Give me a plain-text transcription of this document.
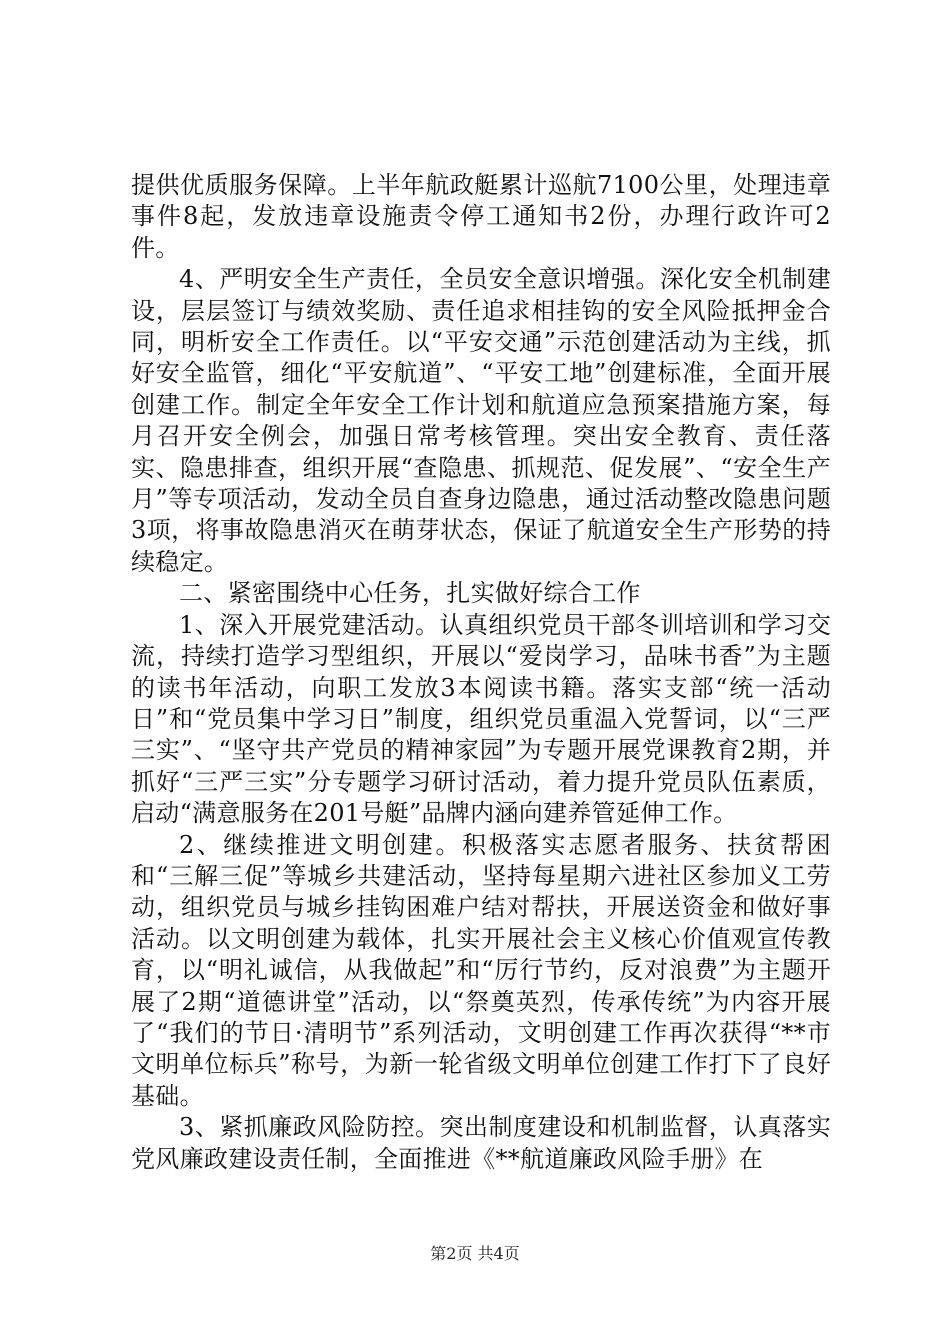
提供优质服务保障。上半年航政艇累计巡航7100公里，处理违章事件8起，发放违章设施责令停工通知书2份，办理行政许可2件。

4、严明安全生产责任，全员安全意识增强。深化安全机制建设，层层签订与绩效奖励、责任追求相挂钩的安全风险抵押金合同，明析安全工作责任。以“平安交通”示范创建活动为主线，抓好安全监管，细化“平安航道”、“平安工地”创建标准，全面开展创建工作。制定全年安全工作计划和航道应急预案措施方案，每月召开安全例会，加强日常考核管理。突出安全教育、责任落实、隐患排查，组织开展“查隐患、抓规范、促发展”、“安全生产月”等专项活动，发动全员自查身边隐患，通过活动整改隐患问题3项，将事故隐患消灭在萌芽状态，保证了航道安全生产形势的持续稳定。

二、紧密围绕中心任务，扎实做好综合工作

1、深入开展党建活动。认真组织党员干部冬训培训和学习交流，持续打造学习型组织，开展以“爱岗学习，品味书香”为主题的读书年活动，向职工发放3本阅读书籍。落实支部“统一活动日”和“党员集中学习日”制度，组织党员重温入党誓词，以“三严三实”、“坚守共产党员的精神家园”为专题开展党课教育2期，并抓好“三严三实”分专题学习研讨活动，着力提升党员队伍素质，启动“满意服务在201号艇”品牌内涵向建养管延伸工作。

2、继续推进文明创建。积极落实志愿者服务、扶贫帮困和“三解三促”等城乡共建活动，坚持每星期六进社区参加义工劳动，组织党员与城乡挂钩困难户结对帮扶，开展送资金和做好事活动。以文明创建为载体，扎实开展社会主义核心价值观宣传教育，以“明礼诚信，从我做起”和“厉行节约，反对浪费”为主题开展了2期“道德讲堂”活动，以“祭奠英烈，传承传统”为内容开展了“我们的节日·清明节”系列活动，文明创建工作再次获得“**市文明单位标兵”称号，为新一轮省级文明单位创建工作打下了良好基础。

3、紧抓廉政风险防控。突出制度建设和机制监督，认真落实党风廉政建设责任制，全面推进《**航道廉政风险手册》在

第2页 共4页
